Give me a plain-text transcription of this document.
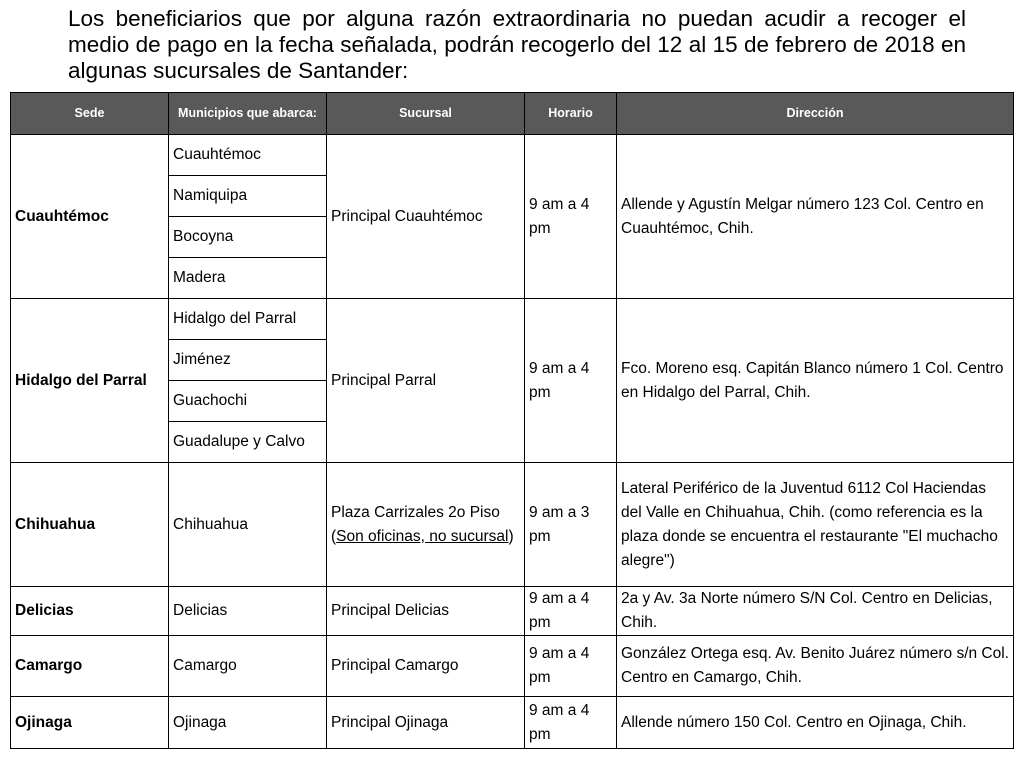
Los beneficiarios que por alguna razón extraordinaria no puedan acudir a recoger el medio de pago en la fecha señalada, podrán recogerlo del 12 al 15 de febrero de 2018 en algunas sucursales de Santander:

Sede	Municipios que abarca:	Sucursal	Horario	Dirección
Cuauhtémoc	Cuauhtémoc	Principal Cuauhtémoc	9 am a 4 pm	Allende y Agustín Melgar número 123 Col. Centro en Cuauhtémoc, Chih.
	Namiquipa			
	Bocoyna			
	Madera			
Hidalgo del Parral	Hidalgo del Parral	Principal Parral	9 am a 4 pm	Fco. Moreno esq. Capitán Blanco número 1 Col. Centro en Hidalgo del Parral, Chih.
	Jiménez			
	Guachochi			
	Guadalupe y Calvo			
Chihuahua	Chihuahua	Plaza Carrizales 2o Piso (Son oficinas, no sucursal)	9 am a 3 pm	Lateral Periférico de la Juventud 6112 Col Haciendas del Valle en Chihuahua, Chih. (como referencia es la plaza donde se encuentra el restaurante "El muchacho alegre")
Delicias	Delicias	Principal Delicias	9 am a 4 pm	2a y Av. 3a Norte número S/N Col. Centro en Delicias, Chih.
Camargo	Camargo	Principal Camargo	9 am a 4 pm	González Ortega esq. Av. Benito Juárez número s/n Col. Centro en Camargo, Chih.
Ojinaga	Ojinaga	Principal Ojinaga	9 am a 4 pm	Allende número 150 Col. Centro en Ojinaga, Chih.
